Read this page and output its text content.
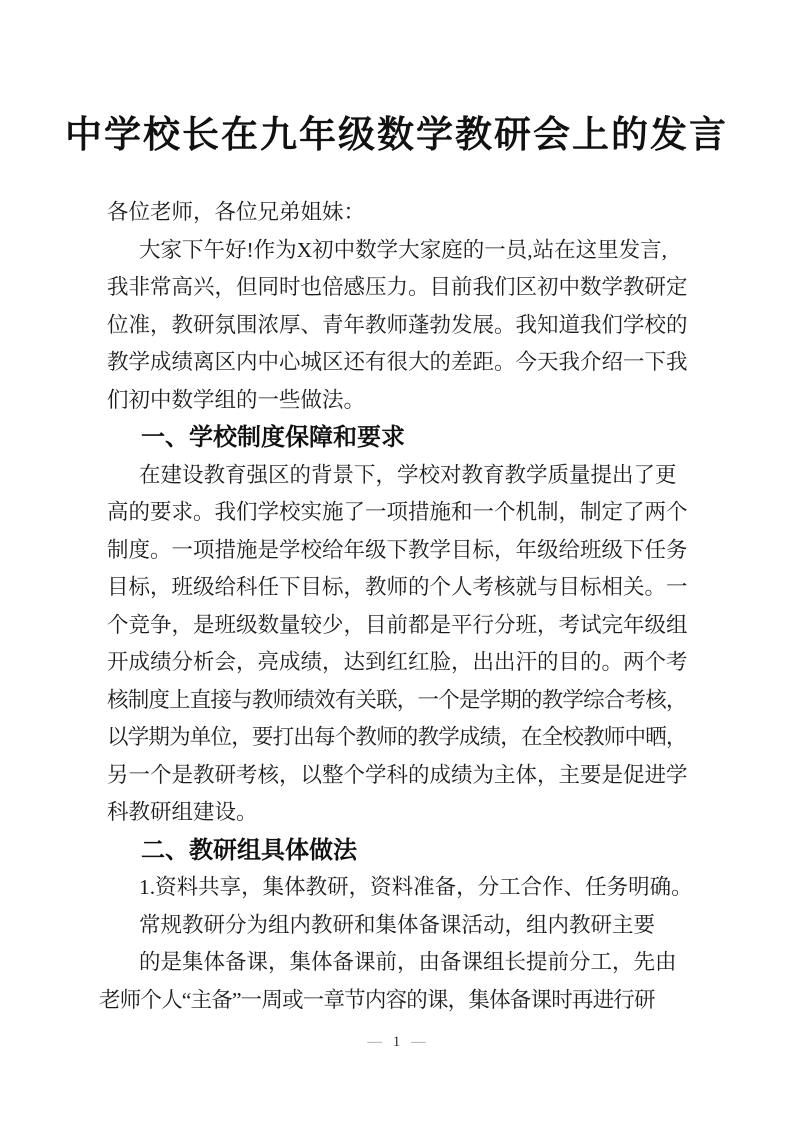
中学校长在九年级数学教研会上的发言
各位老师，各位兄弟姐妹：
大家下午好!作为X初中数学大家庭的一员,站在这里发言,
我非常高兴，但同时也倍感压力。目前我们区初中数学教研定
位准，教研氛围浓厚、青年教师蓬勃发展。我知道我们学校的
教学成绩离区内中心城区还有很大的差距。今天我介绍一下我
们初中数学组的一些做法。
一、学校制度保障和要求
在建设教育强区的背景下，学校对教育教学质量提出了更
高的要求。我们学校实施了一项措施和一个机制，制定了两个
制度。一项措施是学校给年级下教学目标，年级给班级下任务
目标，班级给科任下目标，教师的个人考核就与目标相关。一
个竞争，是班级数量较少，目前都是平行分班，考试完年级组
开成绩分析会，亮成绩，达到红红脸，出出汗的目的。两个考
核制度上直接与教师绩效有关联，一个是学期的教学综合考核，
以学期为单位，要打出每个教师的教学成绩，在全校教师中晒，
另一个是教研考核，以整个学科的成绩为主体，主要是促进学
科教研组建设。
二、教研组具体做法
1.资料共享，集体教研，资料准备，分工合作、任务明确。
常规教研分为组内教研和集体备课活动，组内教研主要
的是集体备课，集体备课前，由备课组长提前分工，先由
老师个人“主备”一周或一章节内容的课，集体备课时再进行研
— 1 —
